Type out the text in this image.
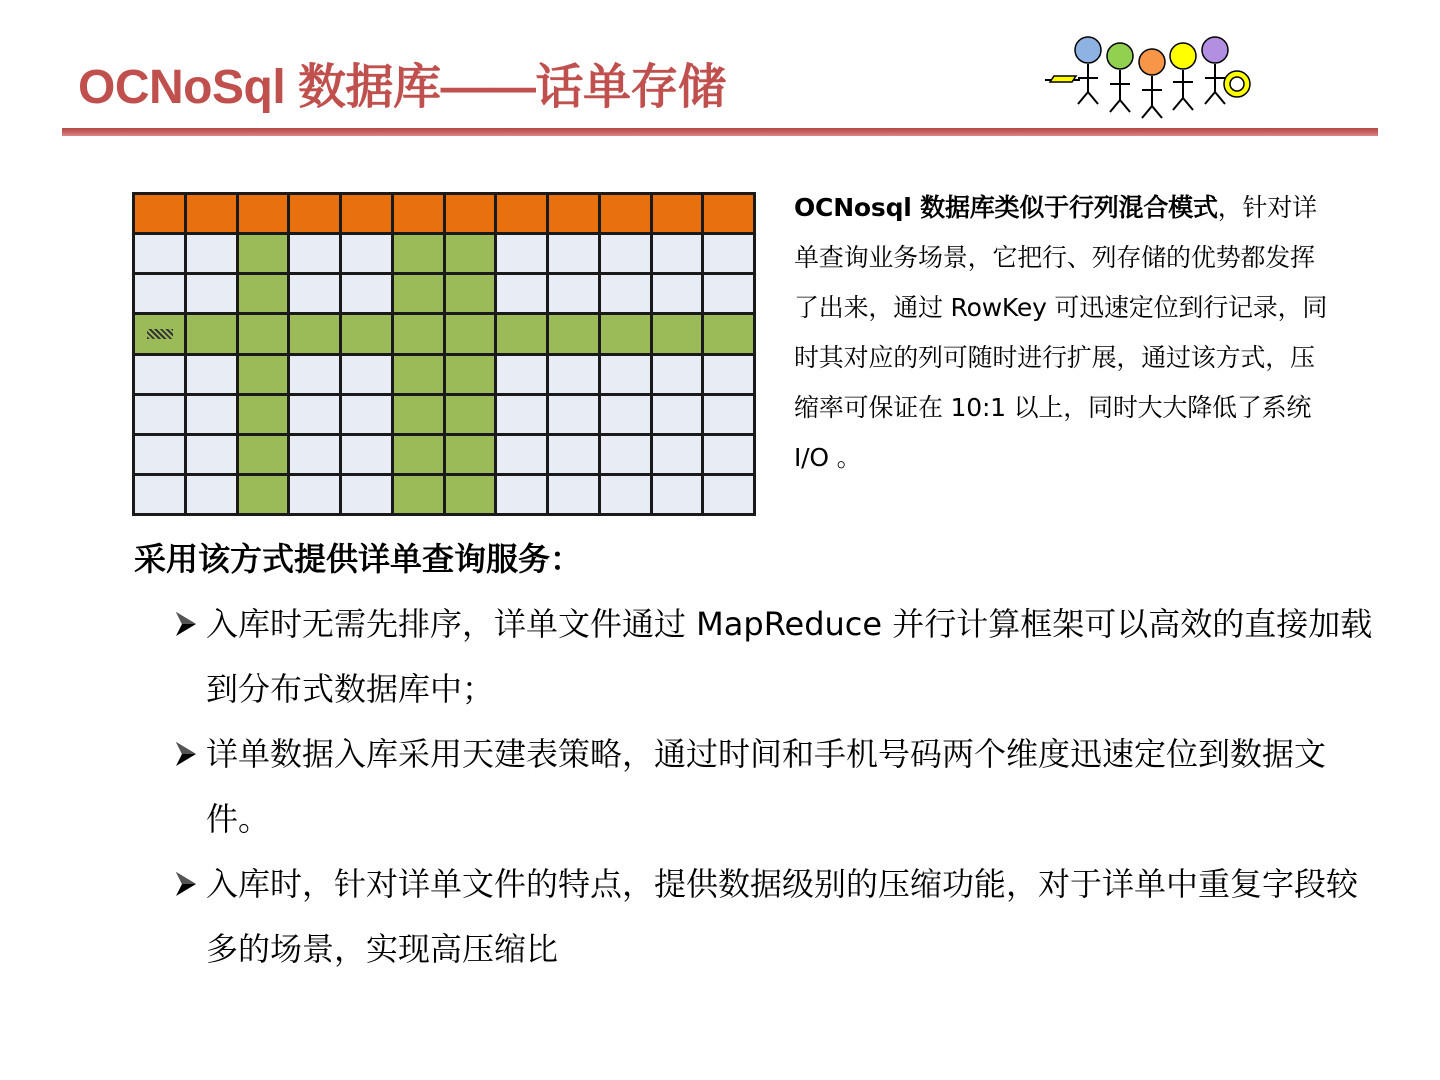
OCNoSql 数据库——话单存储
OCNosql 数据库类似于行列混合模式，针对详单查询业务场景，它把行、列存储的优势都发挥了出来，通过 RowKey 可迅速定位到行记录，同时其对应的列可随时进行扩展，通过该方式，压缩率可保证在 10:1 以上，同时大大降低了系统 I/O 。
采用该方式提供详单查询服务：
入库时无需先排序，详单文件通过 MapReduce 并行计算框架可以高效的直接加载到分布式数据库中；
详单数据入库采用天建表策略，通过时间和手机号码两个维度迅速定位到数据文件。
入库时，针对详单文件的特点，提供数据级别的压缩功能，对于详单中重复字段较多的场景，实现高压缩比
